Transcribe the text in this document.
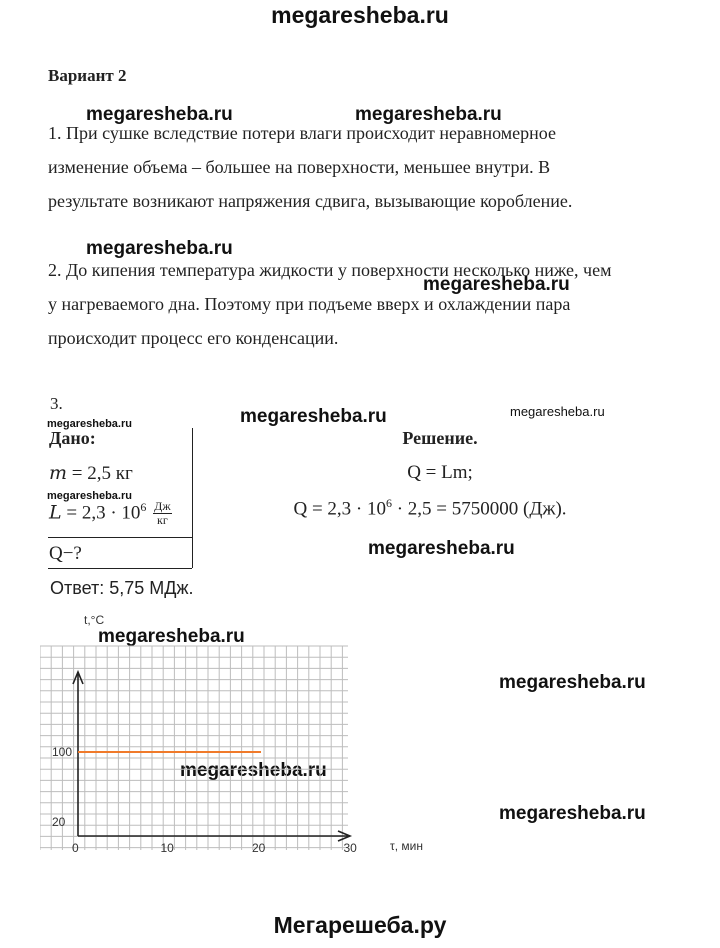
megaresheba.ru
megaresheba.ru	megaresheba.ru
megaresheba.ru
megaresheba.ru
megaresheba.ru	megaresheba.ru
megaresheba.ru
megaresheba.ru
megaresheba.ru
megaresheba.ru
megaresheba.ru
megaresheba.ru
megaresheba.ru
Мегарешеба.ру
Вариант 2
1. При сушке вследствие потери влаги происходит неравномерное
изменение объема – большее на поверхности, меньшее внутри. В
результате возникают напряжения сдвига, вызывающие коробление.
2. До кипения температура жидкости у поверхности несколько ниже, чем
у нагреваемого дна. Поэтому при подъеме вверх и охлаждении пара
происходит процесс его конденсации.
3.
Дано:	Решение.
m = 2,5 кг
$L = 2,3 \cdot 10^6 \frac{Дж}{кг}$
Q−?
Q = Lm;
$Q = 2,3 \cdot 10^6 \cdot 2,5 = 5750000$ (Дж).
Ответ: 5,75 МДж.
0	10	20	30
20
100
t,°C
τ, мин
